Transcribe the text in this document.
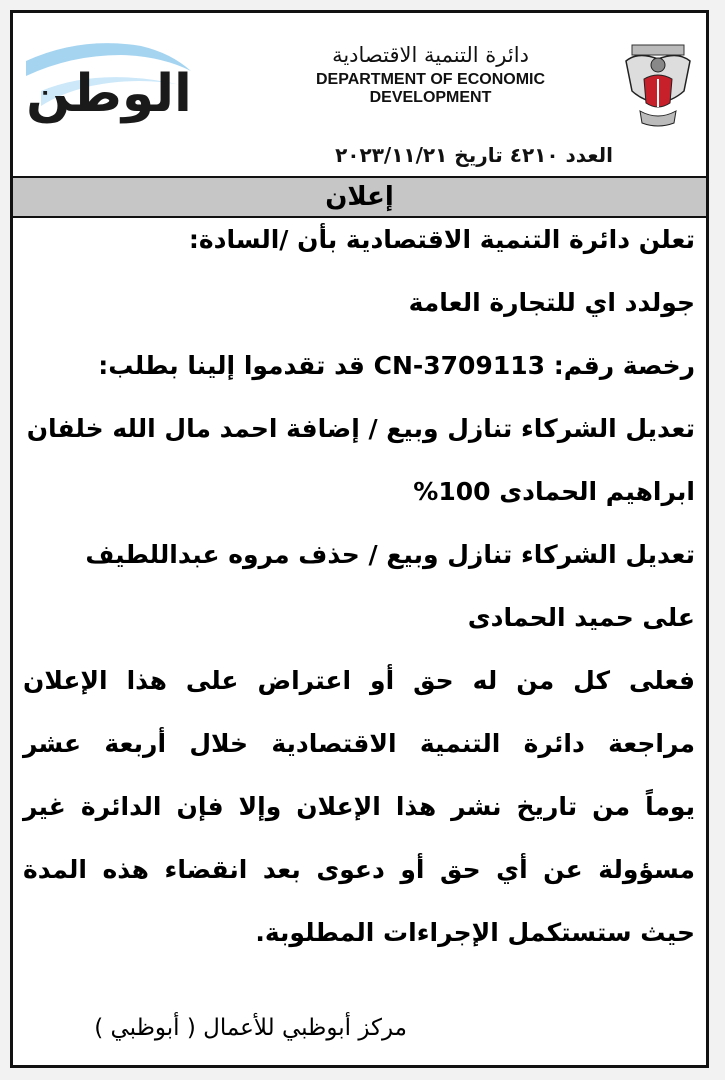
الوطن
دائرة التنمية الاقتصادية
DEPARTMENT OF ECONOMIC DEVELOPMENT
العدد ٤٢١٠ تاريخ ٢٠٢٣/١١/٢١
إعلان
تعلن دائرة التنمية الاقتصادية بأن /السادة:
جولدد اي للتجارة العامة
رخصة رقم: CN-3709113 قد تقدموا إلينا بطلب:
تعديل الشركاء تنازل وبيع / إضافة احمد مال الله خلفان
ابراهيم الحمادى 100%
تعديل الشركاء تنازل وبيع / حذف مروه عبداللطيف
على حميد الحمادى
فعلى كل من له حق أو اعتراض على هذا الإعلان
مراجعة دائرة التنمية الاقتصادية خلال أربعة عشر
يوماً من تاريخ نشر هذا الإعلان وإلا فإن الدائرة غير
مسؤولة عن أي حق أو دعوى بعد انقضاء هذه المدة
حيث ستستكمل الإجراءات المطلوبة.
مركز أبوظبي للأعمال ( أبوظبي )
